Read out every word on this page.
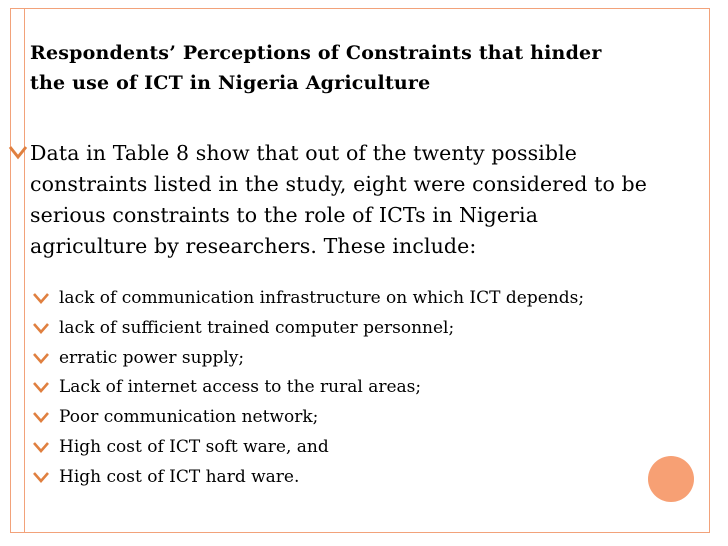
Respondents’ Perceptions of Constraints that hinder
the use of ICT in Nigeria Agriculture
Data in Table 8 show that out of the twenty possible
constraints listed in the study, eight were considered to be
serious constraints to the role of ICTs in Nigeria
agriculture by researchers. These include:
lack of communication infrastructure on which ICT depends;
lack of sufficient trained computer personnel;
erratic power supply;
Lack of internet access to the rural areas;
Poor communication network;
High cost of ICT soft ware, and
High cost of ICT hard ware.
